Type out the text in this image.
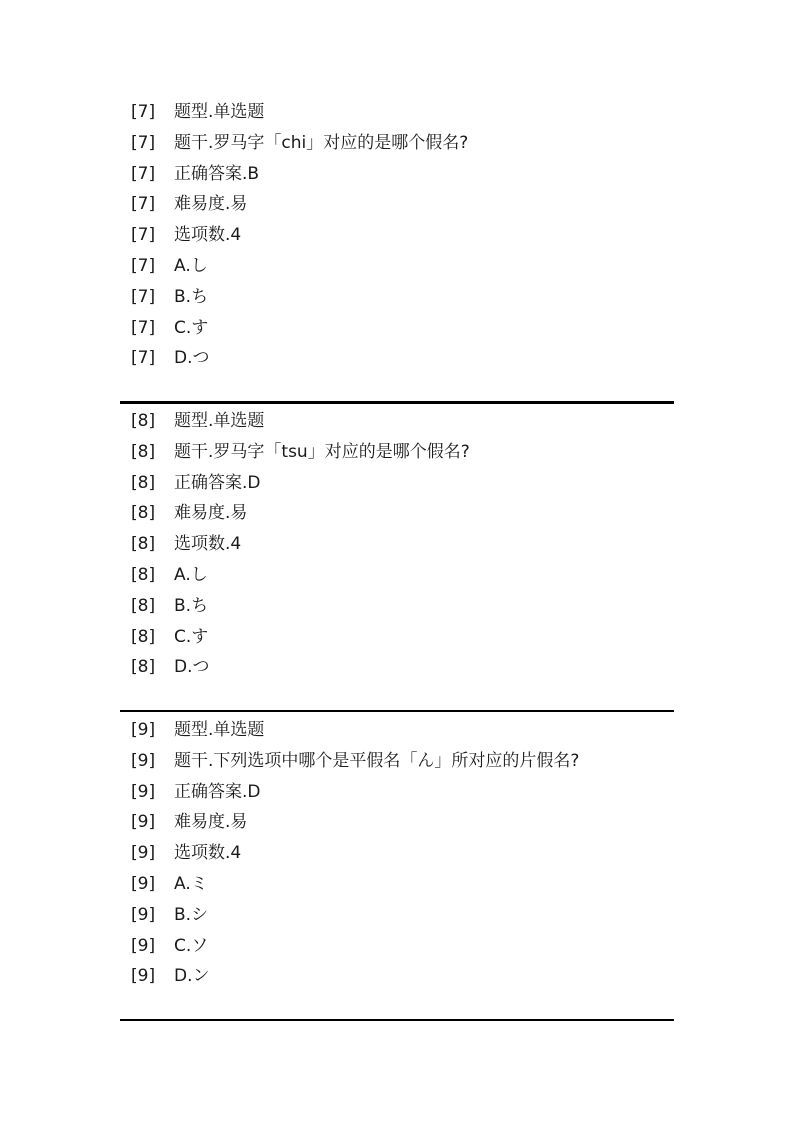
[7]	题型.单选题
[7]	题干.罗马字「chi」对应的是哪个假名?
[7]	正确答案.B
[7]	难易度.易
[7]	选项数.4
[7]	A.し
[7]	B.ち
[7]	C.す
[7]	D.つ
[8]	题型.单选题
[8]	题干.罗马字「tsu」对应的是哪个假名?
[8]	正确答案.D
[8]	难易度.易
[8]	选项数.4
[8]	A.し
[8]	B.ち
[8]	C.す
[8]	D.つ
[9]	题型.单选题
[9]	题干.下列选项中哪个是平假名「ん」所对应的片假名?
[9]	正确答案.D
[9]	难易度.易
[9]	选项数.4
[9]	A.ミ
[9]	B.シ
[9]	C.ソ
[9]	D.ン
